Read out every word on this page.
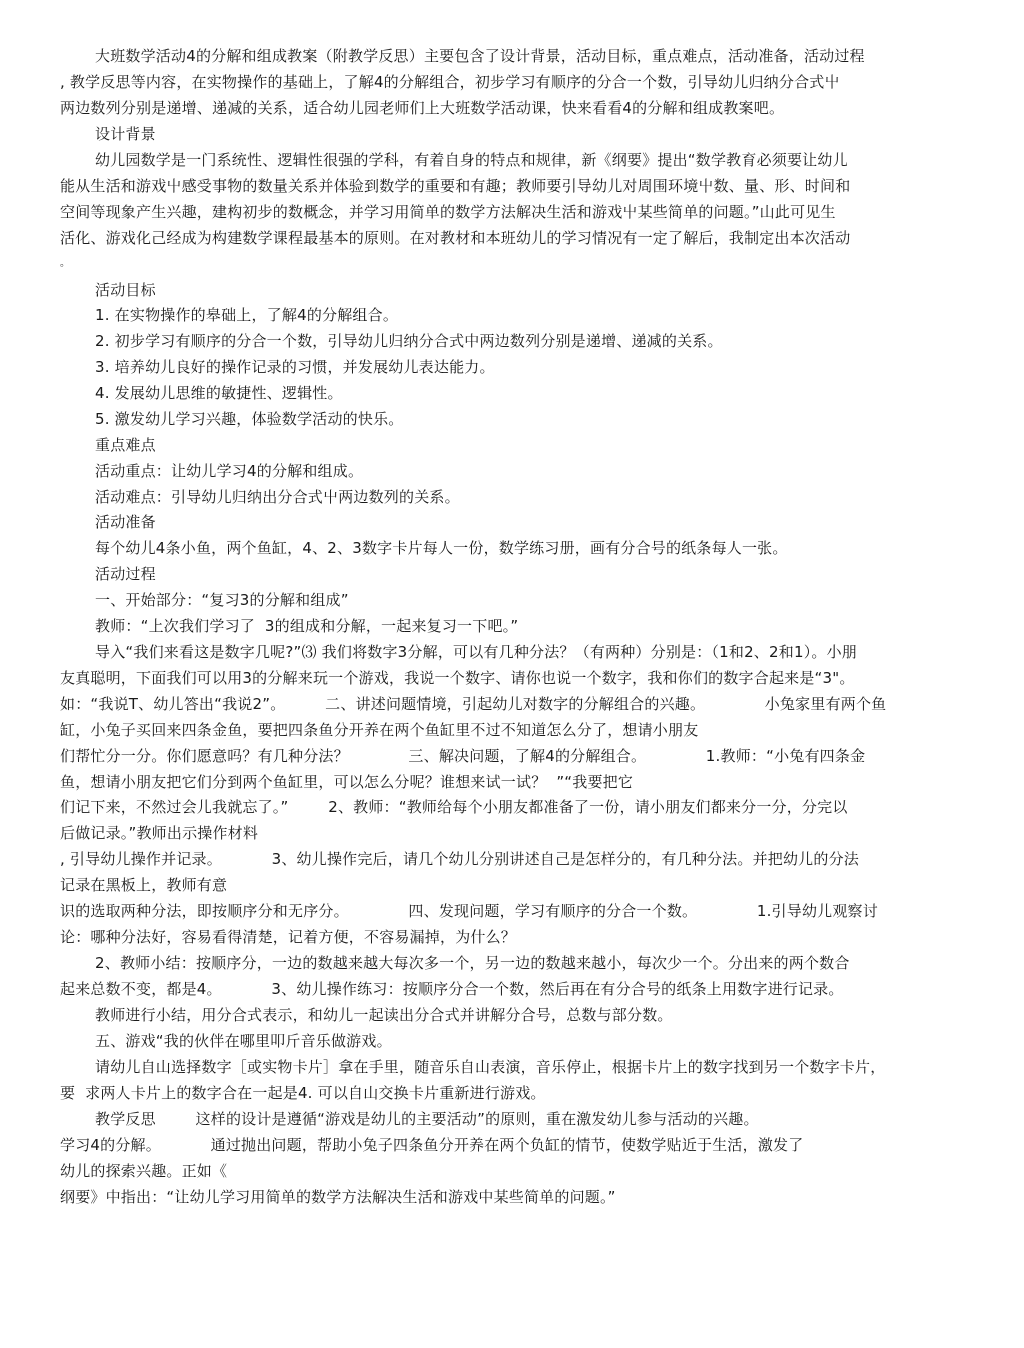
大班数学活动4的分解和组成教案（附教学反思）主要包含了设计背景，活动目标，重点难点，活动准备，活动过程
, 教学反思等内容，在实物操作的基础上，了解4的分解组合，初步学习有顺序的分合一个数，引导幼儿归纳分合式屮
两边数列分别是递增、递减的关系，适合幼儿园老师们上大班数学活动课，快来看看4的分解和组成教案吧。
设计背景
幼儿园数学是一门系统性、逻辑性很强的学科，有着自身的特点和规律，新《纲要》提出“数学教育必须要让幼儿
能从生活和游戏屮感受事物的数量关系并体验到数学的重要和有趣；教师要引导幼儿对周围环境屮数、量、形、时间和
空间等现象产生兴趣，建构初步的数概念，并学习用简单的数学方法解决生活和游戏屮某些简单的问题。”山此可见生
活化、游戏化己经成为构建数学课程最基本的原则。在对教材和本班幼儿的学习情况有一定了解后，我制定出本次活动
。
活动目标
1. 在实物操作的皋础上，了解4的分解组合。
2. 初步学习有顺序的分合一个数，引导幼儿归纳分合式中两边数列分别是递增、递减的关系。
3. 培养幼儿良好的操作记录的习惯，并发展幼儿表达能力。
4. 发展幼儿思维的敏捷性、逻辑性。
5. 激发幼儿学习兴趣，体验数学活动的快乐。
重点难点
活动重点：让幼儿学习4的分解和组成。
活动难点：引导幼儿归纳出分合式屮两边数列的关系。
活动准备
每个幼儿4条小鱼，两个鱼缸，4、2、3数字卡片每人一份，数学练习册，画有分合号的纸条每人一张。
活动过程
一、开始部分：“复习3的分解和组成”
教师：“上次我们学习了  3的组成和分解，一起来复习一下吧。”
导入“我们来看这是数字几呢?”⑶ 我们将数字3分解，可以有几种分法？（有两种）分别是：（1和2、2和1）。小朋
友真聪明，下面我们可以用3的分解来玩一个游戏，我说一个数字、请你也说一个数字，我和你们的数字合起来是“3"。
如：“我说T、幼儿答出“我说2”。        二、讲述问题情境，引起幼儿对数字的分解组合的兴趣。            小兔家里有两个鱼
缸，小兔子买回来四条金鱼，要把四条鱼分开养在两个鱼缸里不过不知道怎么分了，想请小朋友
们帮忙分一分。你们愿意吗？有几种分法？            三、解决问题，了解4的分解组合。            1.教师：“小兔有四条金
鱼，想请小朋友把它们分到两个鱼缸里，可以怎么分呢？谁想来试一试？  ”“我要把它
们记下来，不然过会儿我就忘了。”        2、教师：“教师给每个小朋友都准备了一份，请小朋友们都来分一分，分完以
后做记录。”教师出示操作材料
, 引导幼儿操作并记录。          3、幼儿操作完后，请几个幼儿分别讲述自己是怎样分的，有几种分法。并把幼儿的分法
记录在黑板上，教师有意
识的选取两种分法，即按顺序分和无序分。            四、发现问题，学习有顺序的分合一个数。            1.引导幼儿观察讨
论：哪种分法好，容易看得清楚，记着方便，不容易漏掉，为什么？
2、教师小结：按顺序分，一边的数越来越大每次多一个，另一边的数越来越小，每次少一个。分出来的两个数合
起来总数不变，都是4。          3、幼儿操作练习：按顺序分合一个数，然后再在有分合号的纸条上用数字进行记录。
教师进行小结，用分合式表示，和幼儿一起读出分合式并讲解分合号，总数与部分数。
五、游戏“我的伙伴在哪里叩斤音乐做游戏。
请幼儿自山选择数字［或实物卡片］拿在手里，随音乐自山表演，音乐停止，根据卡片上的数字找到另一个数字卡片，
要  求两人卡片上的数字合在一起是4. 可以自山交换卡片重新进行游戏。
教学反思        这样的设计是遵循“游戏是幼儿的主要活动”的原则，重在激发幼儿参与活动的兴趣。
学习4的分解。          通过抛出问题，帮助小兔子四条鱼分开养在两个负缸的情节，使数学贴近于生活，激发了
幼儿的探索兴趣。正如《
纲要》中指出：“让幼儿学习用简单的数学方法解决生活和游戏中某些简单的问题。”
